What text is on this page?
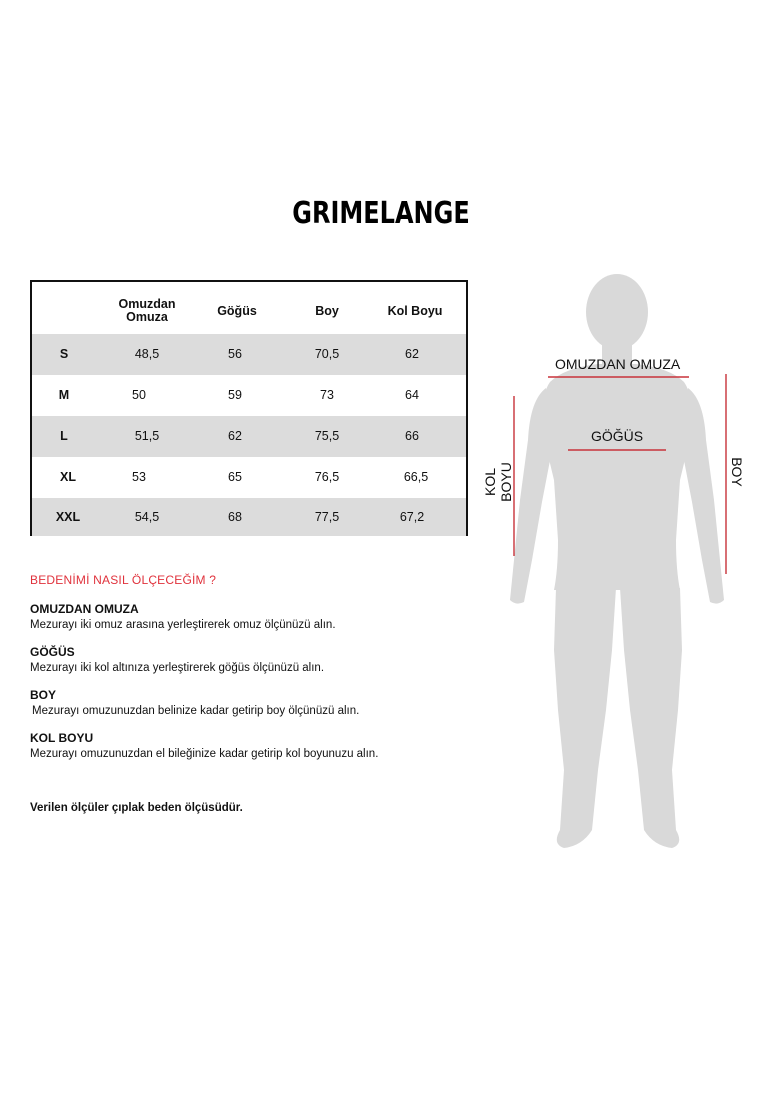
GRIMELANGE
Omuzdan
Omuza	Göğüs	Boy	Kol Boyu
S	48,5	56	70,5	62
M	50	59	73	64
L	51,5	62	75,5	66
XL	53	65	76,5	66,5
XXL	54,5	68	77,5	67,2
BEDENİMİ NASIL ÖLÇECEĞİM ?
OMUZDAN OMUZA
Mezurayı iki omuz arasına yerleştirerek omuz ölçünüzü alın.
GÖĞÜS
Mezurayı iki kol altınıza yerleştirerek göğüs ölçünüzü alın.
BOY
Mezurayı omuzunuzdan belinize kadar getirip boy ölçünüzü alın.
KOL BOYU
Mezurayı omuzunuzdan el bileğinize kadar getirip kol boyunuzu alın.
Verilen ölçüler çıplak beden ölçüsüdür.
OMUZDAN OMUZA
GÖĞÜS
KOL BOYU	BOY
